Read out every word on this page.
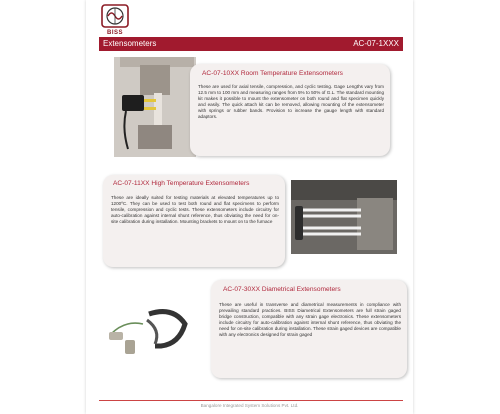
BISS
Extensometers	AC-07-1XXX
AC-07-10XX Room Temperature Extensometers
These are used for axial tensile, compression, and cyclic testing. Gage Lengths vary from 12.5 mm to 100 mm and measuring ranges from 5% to 50% of G.L. The standard mounting kit makes it possible to mount the extensometer on both round and flat specimen quickly and easily. The quick attach kit can be removed, allowing mounting of the extensometer with springs or rubber bands. Provision to increase the gauge length with standard adaptors.
AC-07-11XX High Temperature Extensometers
These are ideally suited for testing materials at elevated temperatures up to 1200ºC. They can be used to test both round and flat specimens to perform tensile, compression and cyclic tests. These extensometers include circuitry for auto-calibration against internal shunt reference, thus obviating the need for on-site calibration during installation. Mounting brackets to mount on to the furnace
AC-07-30XX Diametrical Extensometers
These are useful in transverse and diametrical measurements in compliance with prevailing standard practices. BISS Diametrical Extensometers are full strain gaged bridge construction, compatible with any strain gage electronics. These extensometers include circuitry for auto-calibration against internal shunt reference, thus obviating the need for on-site calibration during installation. These strain gaged devices are compatible with any electronics designed for strain gaged
Bangalore Integrated System Solutions Pvt. Ltd.
